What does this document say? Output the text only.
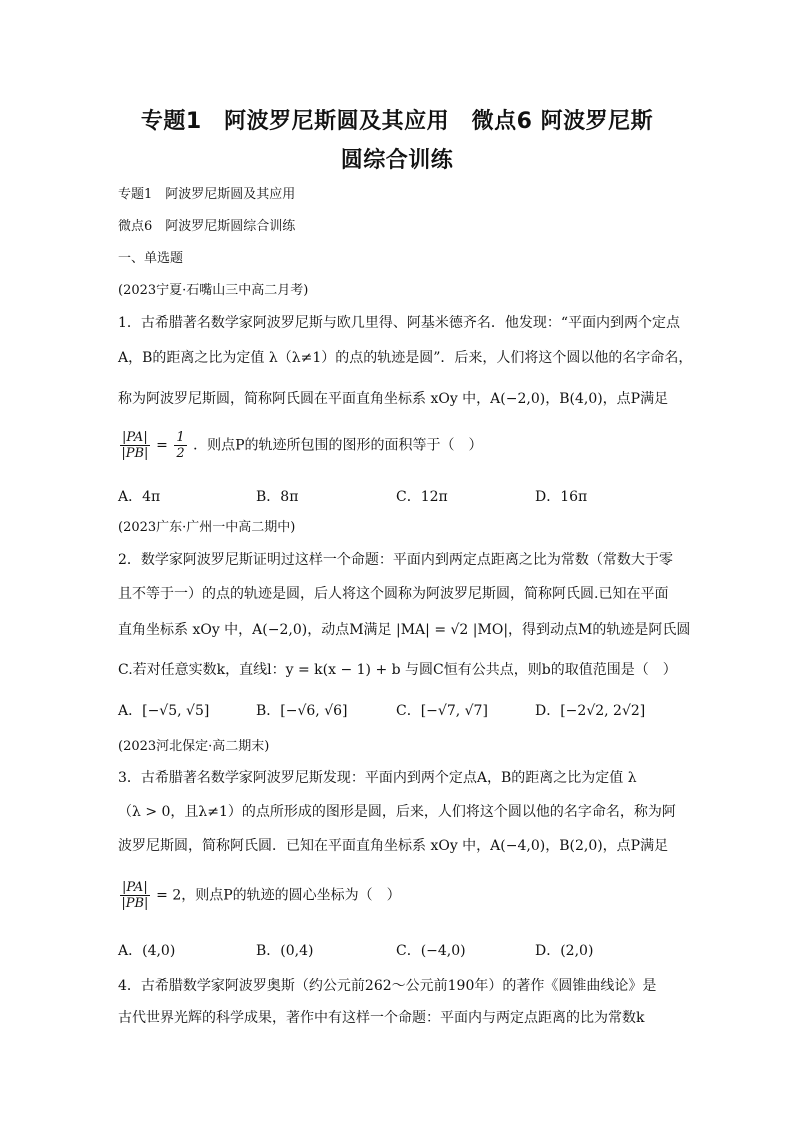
专题1　阿波罗尼斯圆及其应用　微点6 阿波罗尼斯
圆综合训练
专题1　阿波罗尼斯圆及其应用
微点6　阿波罗尼斯圆综合训练
一、单选题
(2023宁夏·石嘴山三中高二月考)
1．古希腊著名数学家阿波罗尼斯与欧几里得、阿基米德齐名．他发现：“平面内到两个定点
A，B的距离之比为定值 λ（λ≠1）的点的轨迹是圆”．后来，人们将这个圆以他的名字命名，
称为阿波罗尼斯圆，简称阿氏圆在平面直角坐标系 xOy 中，A(−2,0)，B(4,0)，点P满足
$\frac{|PA|}{|PB|} = \frac{1}{2}$ ．则点P的轨迹所包围的图形的面积等于（　）
A．4π	B．8π	C．12π	D．16π
(2023广东·广州一中高二期中)
2．数学家阿波罗尼斯证明过这样一个命题：平面内到两定点距离之比为常数（常数大于零
且不等于一）的点的轨迹是圆，后人将这个圆称为阿波罗尼斯圆，简称阿氏圆.已知在平面
直角坐标系 xOy 中，A(−2,0)，动点M满足 |MA| = √2 |MO|，得到动点M的轨迹是阿氏圆
C.若对任意实数k，直线l：y = k(x − 1) + b 与圆C恒有公共点，则b的取值范围是（　）
A．[−√5, √5]	B．[−√6, √6]	C．[−√7, √7]	D．[−2√2, 2√2]
(2023河北保定·高二期末)
3．古希腊著名数学家阿波罗尼斯发现：平面内到两个定点A，B的距离之比为定值 λ
（λ > 0，且λ≠1）的点所形成的图形是圆，后来，人们将这个圆以他的名字命名，称为阿
波罗尼斯圆，简称阿氏圆．已知在平面直角坐标系 xOy 中，A(−4,0)，B(2,0)，点P满足
$\frac{|PA|}{|PB|} = 2$，则点P的轨迹的圆心坐标为（　）
A．(4,0)	B．(0,4)	C．(−4,0)	D．(2,0)
4．古希腊数学家阿波罗奥斯（约公元前262～公元前190年）的著作《圆锥曲线论》是
古代世界光辉的科学成果，著作中有这样一个命题：平面内与两定点距离的比为常数k
